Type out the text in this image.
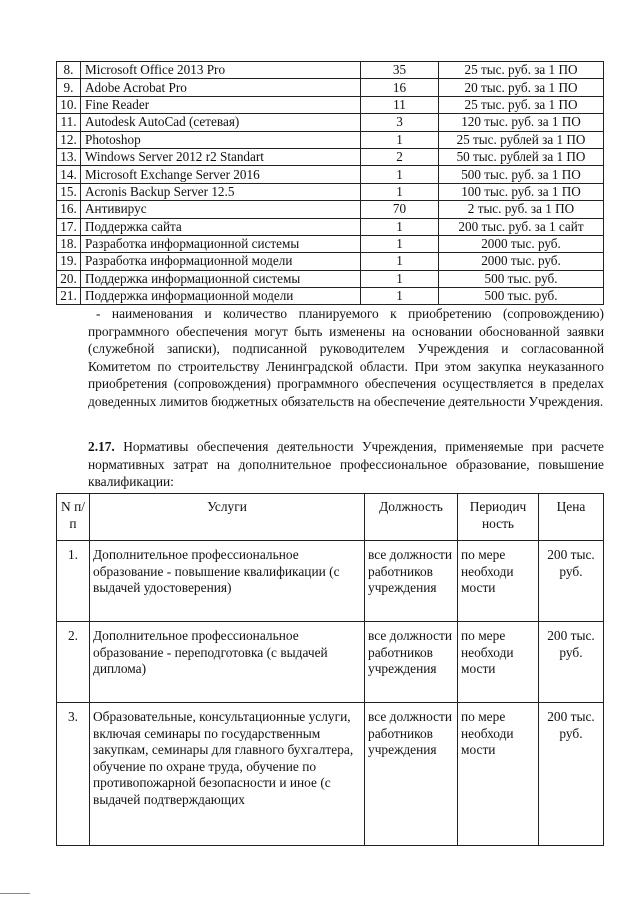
8.	Microsoft Office 2013 Pro	35	25 тыс. руб. за 1 ПО
9.	Adobe Acrobat Pro	16	20 тыс. руб. за 1 ПО
10.	Fine Reader	11	25 тыс. руб. за 1 ПО
11.	Autodesk AutoCad (сетевая)	3	120 тыс. руб. за 1 ПО
12.	Photoshop	1	25 тыс. рублей за 1 ПО
13.	Windows Server 2012 r2 Standart	2	50 тыс. рублей за 1 ПО
14.	Microsoft Exchange Server 2016	1	500 тыс. руб. за 1 ПО
15.	Acronis Backup Server 12.5	1	100 тыс. руб. за 1 ПО
16.	Антивирус	70	2 тыс. руб. за 1 ПО
17.	Поддержка сайта	1	200 тыс. руб. за 1 сайт
18.	Разработка информационной системы	1	2000 тыс. руб.
19.	Разработка информационной модели	1	2000 тыс. руб.
20.	Поддержка информационной системы	1	500 тыс. руб.
21.	Поддержка информационной модели	1	500 тыс. руб.

- наименования и количество планируемого к приобретению (сопровождению) программного обеспечения могут быть изменены на основании обоснованной заявки (служебной записки), подписанной руководителем Учреждения и согласованной Комитетом по строительству Ленинградской области. При этом закупка неуказанного приобретения (сопровождения) программного обеспечения осуществляется в пределах доведенных лимитов бюджетных обязательств на обеспечение деятельности Учреждения.

2.17. Нормативы обеспечения деятельности Учреждения, применяемые при расчете нормативных затрат на дополнительное профессиональное образование, повышение квалификации:

N п/п	Услуги	Должность	Периодич ность	Цена
1.	Дополнительное профессиональное образование - повышение квалификации (с выдачей удостоверения)	все должности работников учреждения	по мере необходи мости	200 тыс. руб.
2.	Дополнительное профессиональное образование - переподготовка (с выдачей диплома)	все должности работников учреждения	по мере необходи мости	200 тыс. руб.
3.	Образовательные, консультационные услуги, включая семинары по государственным закупкам, семинары для главного бухгалтера, обучение по охране труда, обучение по противопожарной безопасности и иное (с выдачей подтверждающих	все должности работников учреждения	по мере необходи мости	200 тыс. руб.
